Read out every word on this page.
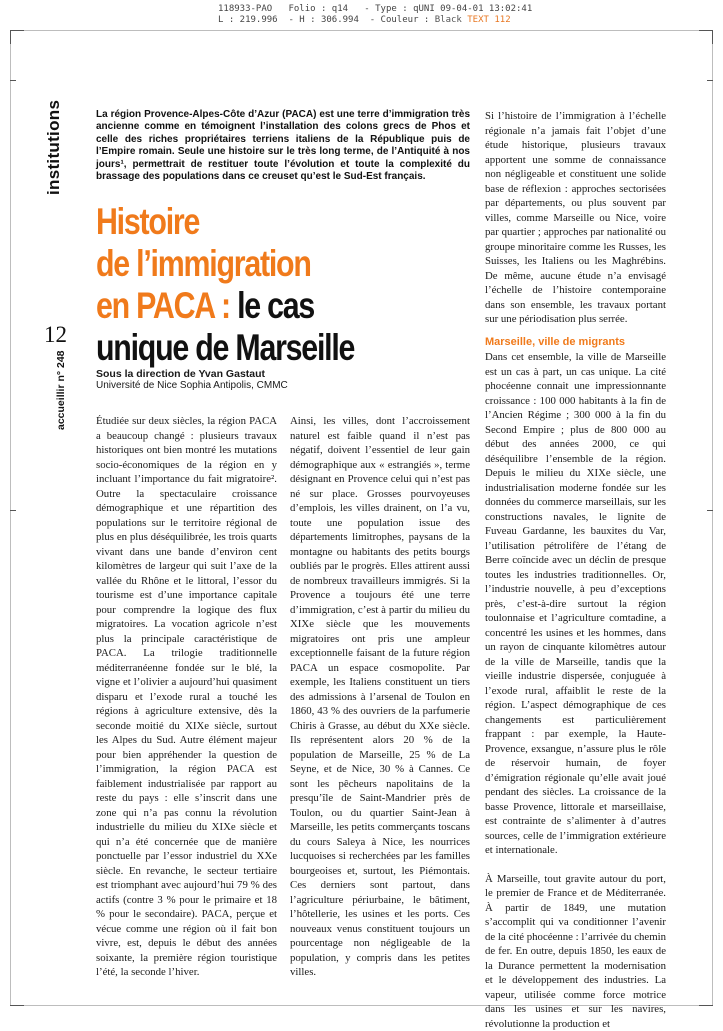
118933-PAO   Folio : q14   - Type : qUNI 09-04-01 13:02:41
L : 219.996  - H : 306.994  - Couleur : Black TEXT 112
institutions
12
accueillir n° 248
La région Provence-Alpes-Côte d’Azur (PACA) est une terre d’immigration très ancienne comme en témoignent l’installation des colons grecs de Phos et celle des riches propriétaires terriens italiens de la République puis de l’Empire romain. Seule une histoire sur le très long terme, de l’Antiquité à nos jours¹, permettrait de restituer toute l’évolution et toute la complexité du brassage des populations dans ce creuset qu’est le Sud-Est français.
Histoire
de l’immigration
en PACA : le cas
unique de Marseille
Sous la direction de Yvan Gastaut
Université de Nice Sophia Antipolis, CMMC

Étudiée sur deux siècles, la région PACA a beaucoup changé : plusieurs travaux historiques ont bien montré les mutations socio-économiques de la région en y incluant l’importance du fait migratoire². Outre la spectaculaire croissance démographique et une répartition des populations sur le territoire régional de plus en plus déséquilibrée, les trois quarts vivant dans une bande d’environ cent kilomètres de largeur qui suit l’axe de la vallée du Rhône et le littoral, l’essor du tourisme est d’une importance capitale pour comprendre la logique des flux migratoires. La vocation agricole n’est plus la principale caractéristique de PACA. La trilogie traditionnelle méditerranéenne fondée sur le blé, la vigne et l’olivier a aujourd’hui quasiment disparu et l’exode rural a touché les régions à agriculture extensive, dès la seconde moitié du XIXe siècle, surtout les Alpes du Sud. Autre élément majeur pour bien appréhender la question de l’immigration, la région PACA est faiblement industrialisée par rapport au reste du pays : elle s’inscrit dans une zone qui n’a pas connu la révolution industrielle du milieu du XIXe siècle et qui n’a été concernée que de manière ponctuelle par l’essor industriel du XXe siècle. En revanche, le secteur tertiaire est triomphant avec aujourd’hui 79 % des actifs (contre 3 % pour le primaire et 18 % pour le secondaire). PACA, perçue et vécue comme une région où il fait bon vivre, est, depuis le début des années soixante, la première région touristique l’été, la seconde l’hiver.

Ainsi, les villes, dont l’accroissement naturel est faible quand il n’est pas négatif, doivent l’essentiel de leur gain démographique aux « estrangiés », terme désignant en Provence celui qui n’est pas né sur place. Grosses pourvoyeuses d’emplois, les villes drainent, on l’a vu, toute une population issue des départements limitrophes, paysans de la montagne ou habitants des petits bourgs oubliés par le progrès. Elles attirent aussi de nombreux travailleurs immigrés. Si la Provence a toujours été une terre d’immigration, c’est à partir du milieu du XIXe siècle que les mouvements migratoires ont pris une ampleur exceptionnelle faisant de la future région PACA un espace cosmopolite. Par exemple, les Italiens constituent un tiers des admissions à l’arsenal de Toulon en 1860, 43 % des ouvriers de la parfumerie Chiris à Grasse, au début du XXe siècle. Ils représentent alors 20 % de la population de Marseille, 25 % de La Seyne, et de Nice, 30 % à Cannes. Ce sont les pêcheurs napolitains de la presqu’île de Saint-Mandrier près de Toulon, ou du quartier Saint-Jean à Marseille, les petits commerçants toscans du cours Saleya à Nice, les nourrices lucquoises si recherchées par les familles bourgeoises et, surtout, les Piémontais. Ces derniers sont partout, dans l’agriculture périurbaine, le bâtiment, l’hôtellerie, les usines et les ports. Ces nouveaux venus constituent toujours un pourcentage non négligeable de la population, y compris dans les petites villes.

Si l’histoire de l’immigration à l’échelle régionale n’a jamais fait l’objet d’une étude historique, plusieurs travaux apportent une somme de connaissance non négligeable et constituent une solide base de réflexion : approches sectorisées par départements, ou plus souvent par villes, comme Marseille ou Nice, voire par quartier ; approches par nationalité ou groupe minoritaire comme les Russes, les Suisses, les Italiens ou les Maghrébins. De même, aucune étude n’a envisagé l’échelle de l’histoire contemporaine dans son ensemble, les travaux portant sur une périodisation plus serrée.

Marseille, ville de migrants

Dans cet ensemble, la ville de Marseille est un cas à part, un cas unique. La cité phocéenne connait une impressionnante croissance : 100 000 habitants à la fin de l’Ancien Régime ; 300 000 à la fin du Second Empire ; plus de 800 000 au début des années 2000, ce qui déséquilibre l’ensemble de la région. Depuis le milieu du XIXe siècle, une industrialisation moderne fondée sur les données du commerce marseillais, sur les constructions navales, le lignite de Fuveau Gardanne, les bauxites du Var, l’utilisation pétrolifère de l’étang de Berre coïncide avec un déclin de presque toutes les industries traditionnelles. Or, l’industrie nouvelle, à peu d’exceptions près, c’est-à-dire surtout la région toulonnaise et l’agriculture comtadine, a concentré les usines et les hommes, dans un rayon de cinquante kilomètres autour de la ville de Marseille, tandis que la vieille industrie dispersée, conjuguée à l’exode rural, affaiblit le reste de la région. L’aspect démographique de ces changements est particulièrement frappant : par exemple, la Haute-Provence, exsangue, n’assure plus le rôle de réservoir humain, de foyer d’émigration régionale qu’elle avait joué pendant des siècles. La croissance de la basse Provence, littorale et marseillaise, est contrainte de s’alimenter à d’autres sources, celle de l’immigration extérieure et internationale.

À Marseille, tout gravite autour du port, le premier de France et de Méditerranée. À partir de 1849, une mutation s’accomplit qui va conditionner l’avenir de la cité phocéenne : l’arrivée du chemin de fer. En outre, depuis 1850, les eaux de la Durance permettent la modernisation et le développement des industries. La vapeur, utilisée comme force motrice dans les usines et sur les navires, révolutionne la production et
